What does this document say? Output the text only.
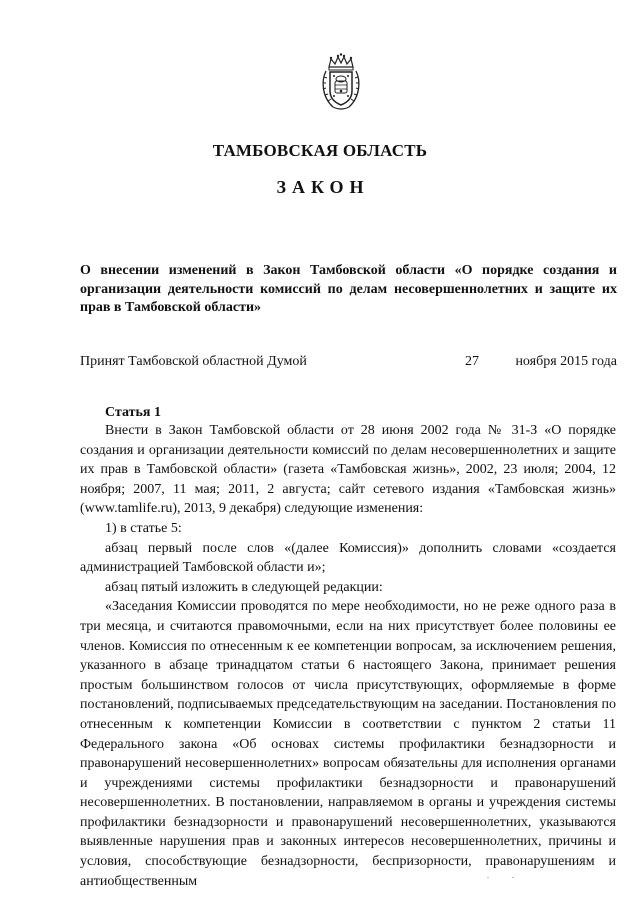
ТАМБОВСКАЯ ОБЛАСТЬ
ЗАКОН
О внесении изменений в Закон Тамбовской области «О порядке создания и организации деятельности комиссий по делам несовершеннолетних и защите их прав в Тамбовской области»
Принят Тамбовской областной Думой	27	ноября 2015 года
Статья 1

Внести в Закон Тамбовской области от 28 июня 2002 года № 31-З «О порядке создания и организации деятельности комиссий по делам несовершеннолетних и защите их прав в Тамбовской области» (газета «Тамбовская жизнь», 2002, 23 июля; 2004, 12 ноября; 2007, 11 мая; 2011, 2 августа; сайт сетевого издания «Тамбовская жизнь» (www.tamlife.ru), 2013, 9 декабря) следующие изменения:

1) в статье 5:

абзац первый после слов «(далее Комиссия)» дополнить словами «создается администрацией Тамбовской области и»;

абзац пятый изложить в следующей редакции:

«Заседания Комиссии проводятся по мере необходимости, но не реже одного раза в три месяца, и считаются правомочными, если на них присутствует более половины ее членов. Комиссия по отнесенным к ее компетенции вопросам, за исключением решения, указанного в абзаце тринадцатом статьи 6 настоящего Закона, принимает решения простым большинством голосов от числа присутствующих, оформляемые в форме постановлений, подписываемых председательствующим на заседании. Постановления по отнесенным к компетенции Комиссии в соответствии с пунктом 2 статьи 11 Федерального закона «Об основах системы профилактики безнадзорности и правонарушений несовершеннолетних» вопросам обязательны для исполнения органами и учреждениями системы профилактики безнадзорности и правонарушений несовершеннолетних. В постановлении, направляемом в органы и учреждения системы профилактики безнадзорности и правонарушений несовершеннолетних, указываются выявленные нарушения прав и законных интересов несовершеннолетних, причины и условия, способствующие безнадзорности, беспризорности, правонарушениям и антиобщественным
